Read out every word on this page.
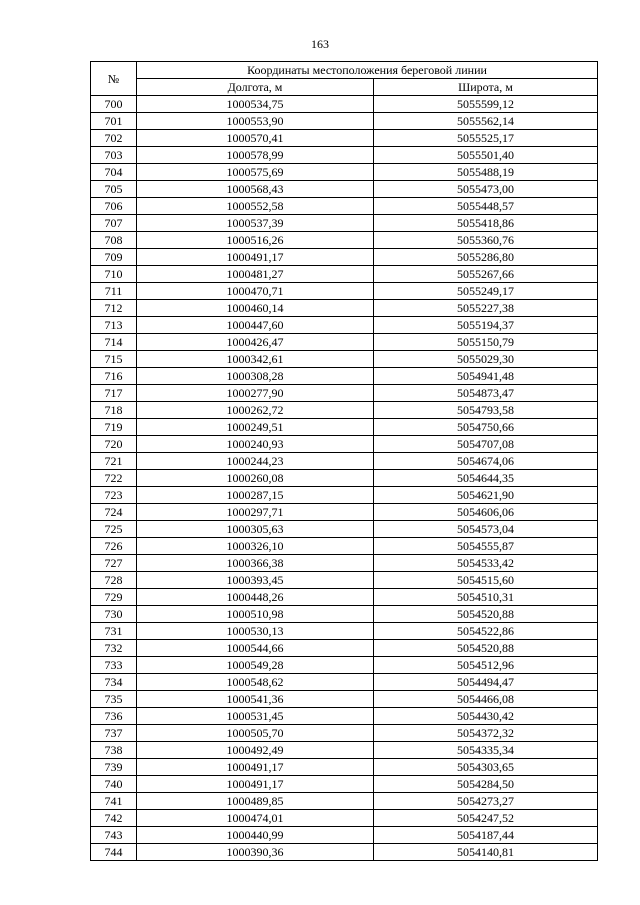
163
№	Координаты местоположения береговой линии	
	Долгота, м	Широта, м
700	1000534,75	5055599,12
701	1000553,90	5055562,14
702	1000570,41	5055525,17
703	1000578,99	5055501,40
704	1000575,69	5055488,19
705	1000568,43	5055473,00
706	1000552,58	5055448,57
707	1000537,39	5055418,86
708	1000516,26	5055360,76
709	1000491,17	5055286,80
710	1000481,27	5055267,66
711	1000470,71	5055249,17
712	1000460,14	5055227,38
713	1000447,60	5055194,37
714	1000426,47	5055150,79
715	1000342,61	5055029,30
716	1000308,28	5054941,48
717	1000277,90	5054873,47
718	1000262,72	5054793,58
719	1000249,51	5054750,66
720	1000240,93	5054707,08
721	1000244,23	5054674,06
722	1000260,08	5054644,35
723	1000287,15	5054621,90
724	1000297,71	5054606,06
725	1000305,63	5054573,04
726	1000326,10	5054555,87
727	1000366,38	5054533,42
728	1000393,45	5054515,60
729	1000448,26	5054510,31
730	1000510,98	5054520,88
731	1000530,13	5054522,86
732	1000544,66	5054520,88
733	1000549,28	5054512,96
734	1000548,62	5054494,47
735	1000541,36	5054466,08
736	1000531,45	5054430,42
737	1000505,70	5054372,32
738	1000492,49	5054335,34
739	1000491,17	5054303,65
740	1000491,17	5054284,50
741	1000489,85	5054273,27
742	1000474,01	5054247,52
743	1000440,99	5054187,44
744	1000390,36	5054140,81
